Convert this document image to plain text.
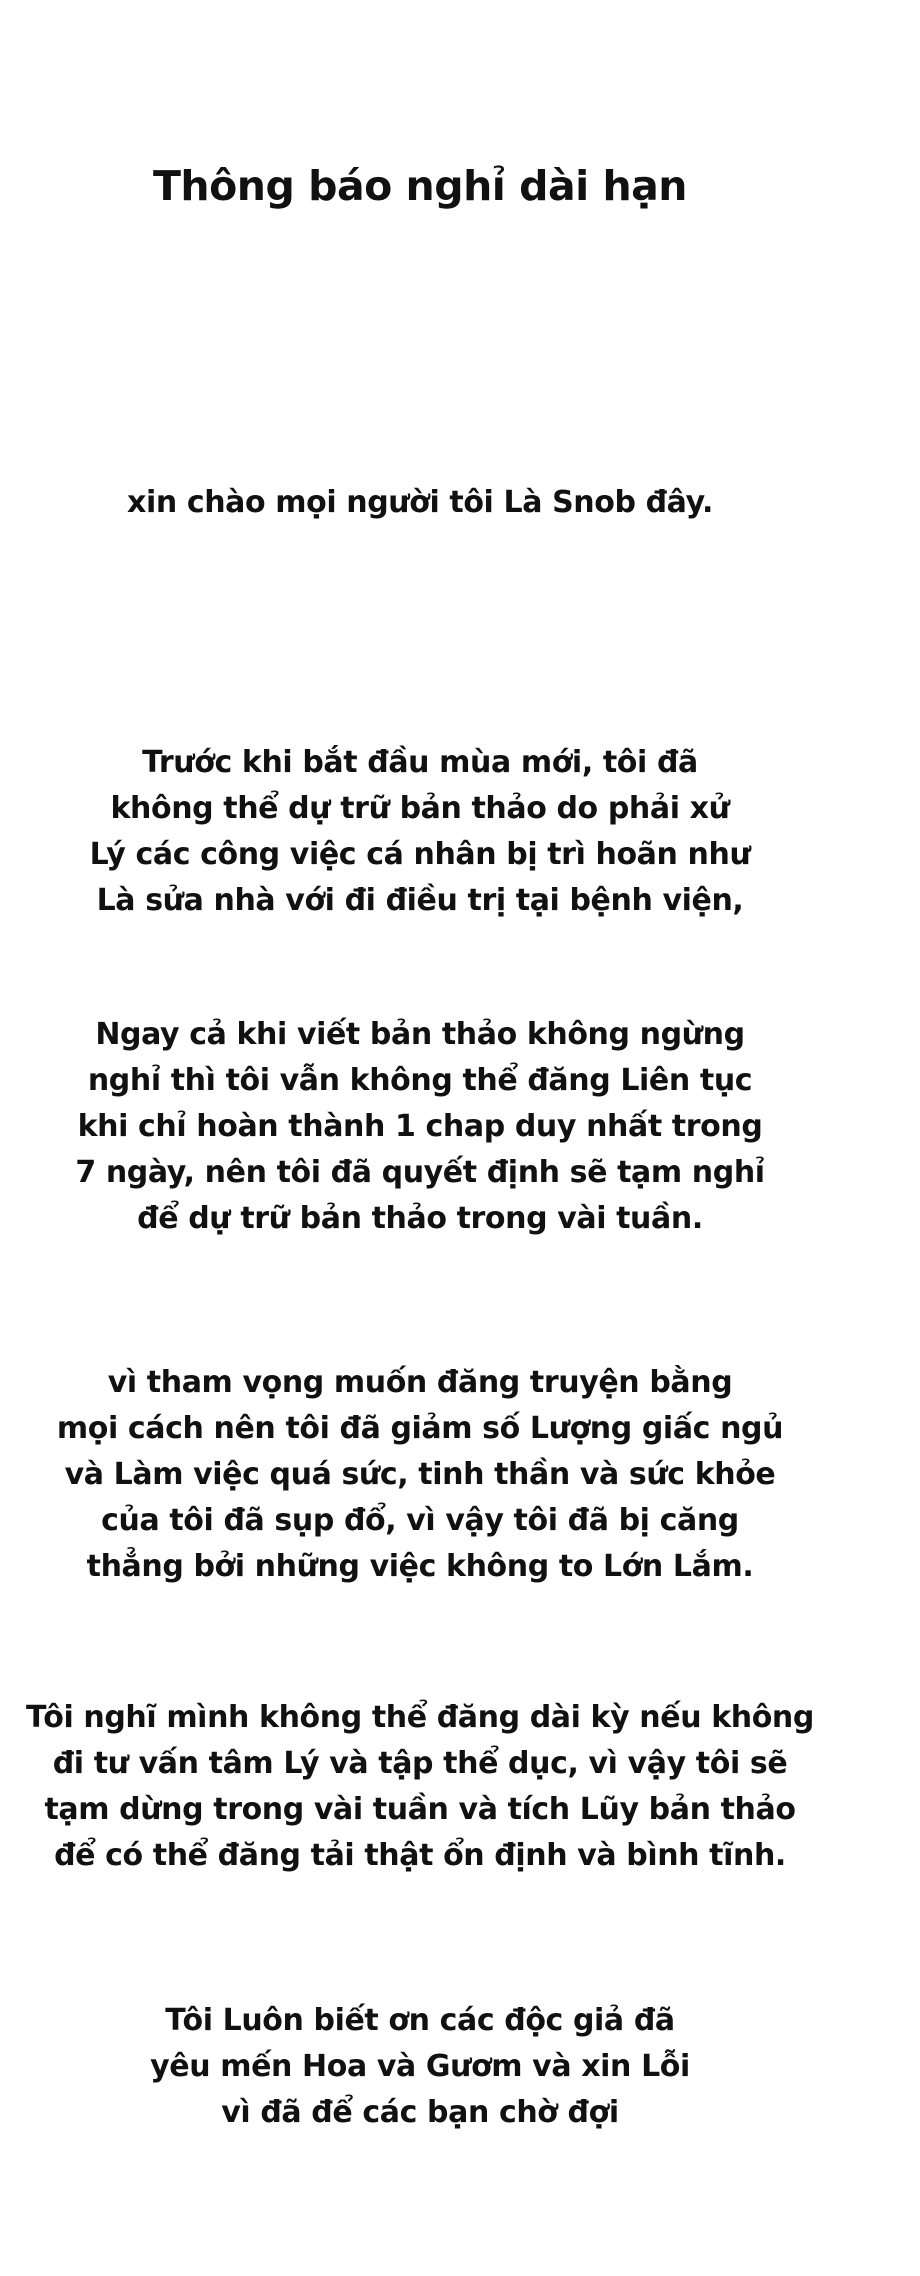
Thông báo nghỉ dài hạn
xin chào mọi người tôi Là Snob đây.
Trước khi bắt đầu mùa mới, tôi đã
không thể dự trữ bản thảo do phải xử
Lý các công việc cá nhân bị trì hoãn như
Là sửa nhà với đi điều trị tại bệnh viện,
Ngay cả khi viết bản thảo không ngừng
nghỉ thì tôi vẫn không thể đăng Liên tục
khi chỉ hoàn thành 1 chap duy nhất trong
7 ngày, nên tôi đã quyết định sẽ tạm nghỉ
để dự trữ bản thảo trong vài tuần.
vì tham vọng muốn đăng truyện bằng
mọi cách nên tôi đã giảm số Lượng giấc ngủ
và Làm việc quá sức, tinh thần và sức khỏe
của tôi đã sụp đổ, vì vậy tôi đã bị căng
thẳng bởi những việc không to Lớn Lắm.
Tôi nghĩ mình không thể đăng dài kỳ nếu không
đi tư vấn tâm Lý và tập thể dục, vì vậy tôi sẽ
tạm dừng trong vài tuần và tích Lũy bản thảo
để có thể đăng tải thật ổn định và bình tĩnh.
Tôi Luôn biết ơn các độc giả đã
yêu mến Hoa và Gươm và xin Lỗi
vì đã để các bạn chờ đợi
